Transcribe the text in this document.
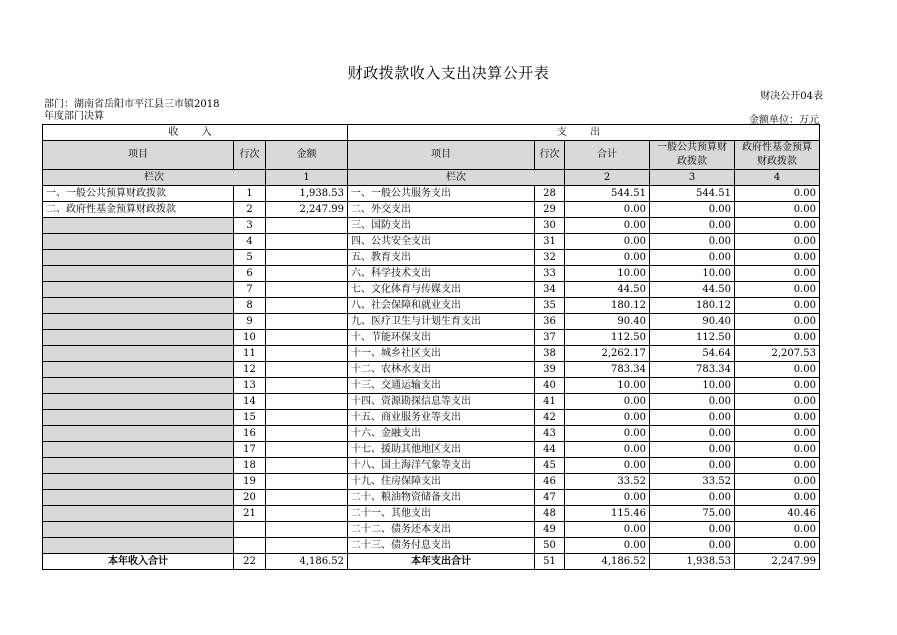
财政拨款收入支出决算公开表
财决公开04表
部门：湖南省岳阳市平江县三市镇2018
年度部门决算	金额单位：万元
收 入			支 出				
项目	行次	金额	项目	行次	合计	一般公共预算财政拨款	政府性基金预算财政拨款
栏次		1	栏次		2	3	4
一、一般公共预算财政拨款	1	1,938.53	一、一般公共服务支出	28	544.51	544.51	0.00
二、政府性基金预算财政拨款	2	2,247.99	二、外交支出	29	0.00	0.00	0.00
	3		三、国防支出	30	0.00	0.00	0.00
	4		四、公共安全支出	31	0.00	0.00	0.00
	5		五、教育支出	32	0.00	0.00	0.00
	6		六、科学技术支出	33	10.00	10.00	0.00
	7		七、文化体育与传媒支出	34	44.50	44.50	0.00
	8		八、社会保障和就业支出	35	180.12	180.12	0.00
	9		九、医疗卫生与计划生育支出	36	90.40	90.40	0.00
	10		十、节能环保支出	37	112.50	112.50	0.00
	11		十一、城乡社区支出	38	2,262.17	54.64	2,207.53
	12		十二、农林水支出	39	783.34	783.34	0.00
	13		十三、交通运输支出	40	10.00	10.00	0.00
	14		十四、资源勘探信息等支出	41	0.00	0.00	0.00
	15		十五、商业服务业等支出	42	0.00	0.00	0.00
	16		十六、金融支出	43	0.00	0.00	0.00
	17		十七、援助其他地区支出	44	0.00	0.00	0.00
	18		十八、国土海洋气象等支出	45	0.00	0.00	0.00
	19		十九、住房保障支出	46	33.52	33.52	0.00
	20		二十、粮油物资储备支出	47	0.00	0.00	0.00
	21		二十一、其他支出	48	115.46	75.00	40.46
			二十二、债务还本支出	49	0.00	0.00	0.00
			二十三、债务付息支出	50	0.00	0.00	0.00
本年收入合计	22	4,186.52	本年支出合计	51	4,186.52	1,938.53	2,247.99
